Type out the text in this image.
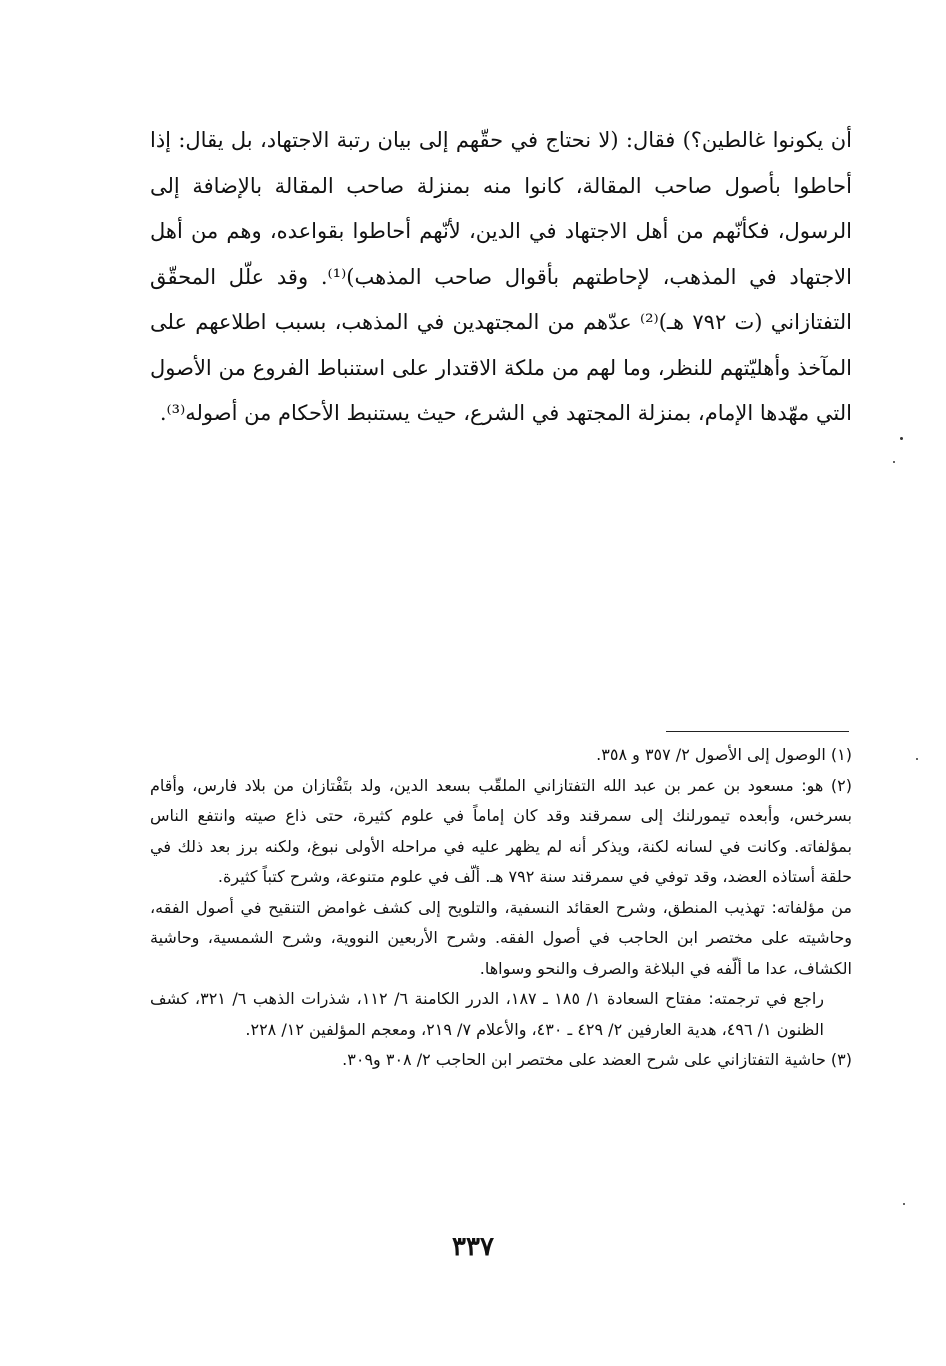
أن يكونوا غالطين؟) فقال: (لا نحتاج في حقّهم إلى بيان رتبة الاجتهاد، بل يقال: إذا أحاطوا بأصول صاحب المقالة، كانوا منه بمنزلة صاحب المقالة بالإضافة إلى الرسول، فكأنّهم من أهل الاجتهاد في الدين، لأنّهم أحاطوا بقواعده، وهم من أهل الاجتهاد في المذهب، لإحاطتهم بأقوال صاحب المذهب)⁽¹⁾. وقد علّل المحقّق التفتازاني (ت ٧٩٢ هـ)⁽²⁾ عدّهم من المجتهدين في المذهب، بسبب اطلاعهم على المآخذ وأهليّتهم للنظر، وما لهم من ملكة الاقتدار على استنباط الفروع من الأصول التي مهّدها الإمام، بمنزلة المجتهد في الشرع، حيث يستنبط الأحكام من أصوله⁽³⁾.

(١) الوصول إلى الأصول ٢/ ٣٥٧ و ٣٥٨.

(٢) هو: مسعود بن عمر بن عبد الله التفتازاني الملقّب بسعد الدين، ولد بتَفْتازان من بلاد فارس، وأقام بسرخس، وأبعده تيمورلنك إلى سمرقند وقد كان إماماً في علوم كثيرة، حتى ذاع صيته وانتفع الناس بمؤلفاته. وكانت في لسانه لكنة، ويذكر أنه لم يظهر عليه في مراحله الأولى نبوغ، ولكنه برز بعد ذلك في حلقة أستاذه العضد، وقد توفي في سمرقند سنة ٧٩٢ هـ. ألّف في علوم متنوعة، وشرح كتباً كثيرة.

من مؤلفاته: تهذيب المنطق، وشرح العقائد النسفية، والتلويح إلى كشف غوامض التنقيح في أصول الفقه، وحاشيته على مختصر ابن الحاجب في أصول الفقه. وشرح الأربعين النووية، وشرح الشمسية، وحاشية الكشاف، عدا ما ألّفه في البلاغة والصرف والنحو وسواها.

راجع في ترجمته: مفتاح السعادة ١/ ١٨٥ ـ ١٨٧، الدرر الكامنة ٦/ ١١٢، شذرات الذهب ٦/ ٣٢١، كشف الظنون ١/ ٤٩٦، هدية العارفين ٢/ ٤٢٩ ـ ٤٣٠، والأعلام ٧/ ٢١٩، ومعجم المؤلفين ١٢/ ٢٢٨.

(٣) حاشية التفتازاني على شرح العضد على مختصر ابن الحاجب ٢/ ٣٠٨ و٣٠٩.

٣٣٧
